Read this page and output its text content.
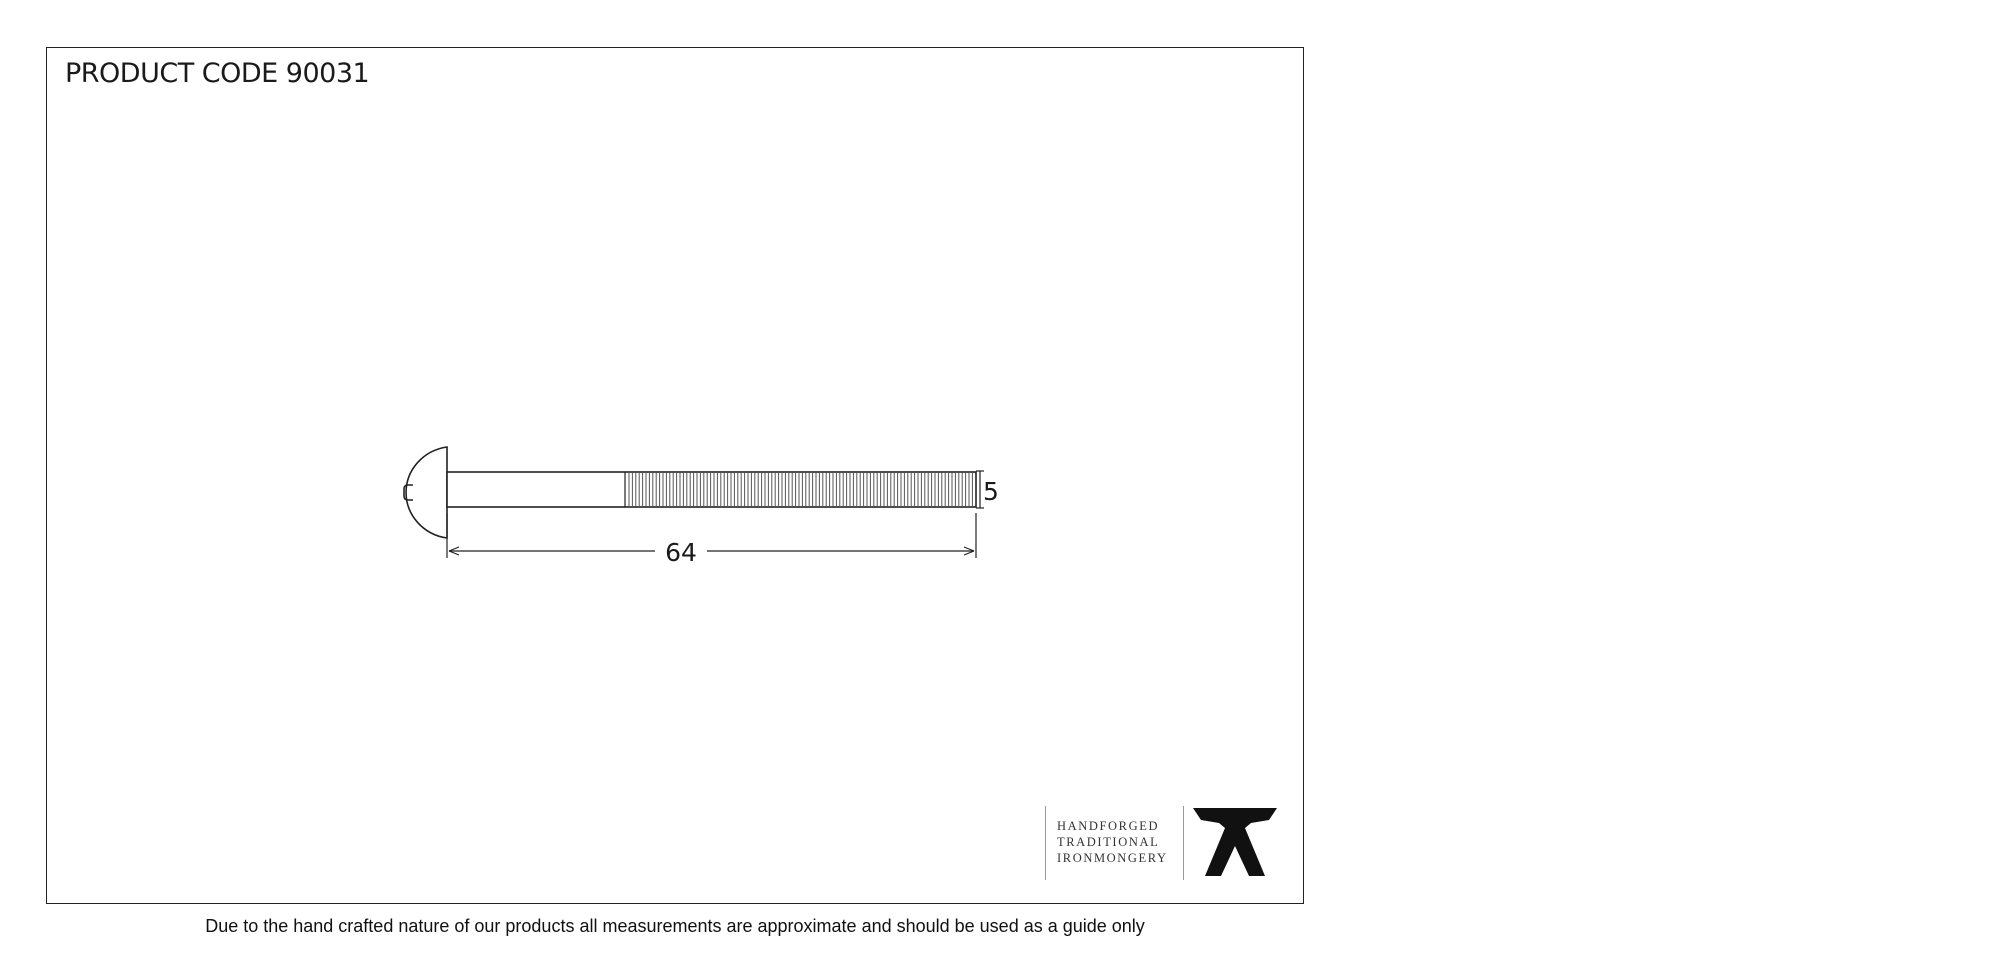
PRODUCT CODE 90031
5
64
HANDFORGED
TRADITIONAL
IRONMONGERY
Due to the hand crafted nature of our products all measurements are approximate and should be used as a guide only
